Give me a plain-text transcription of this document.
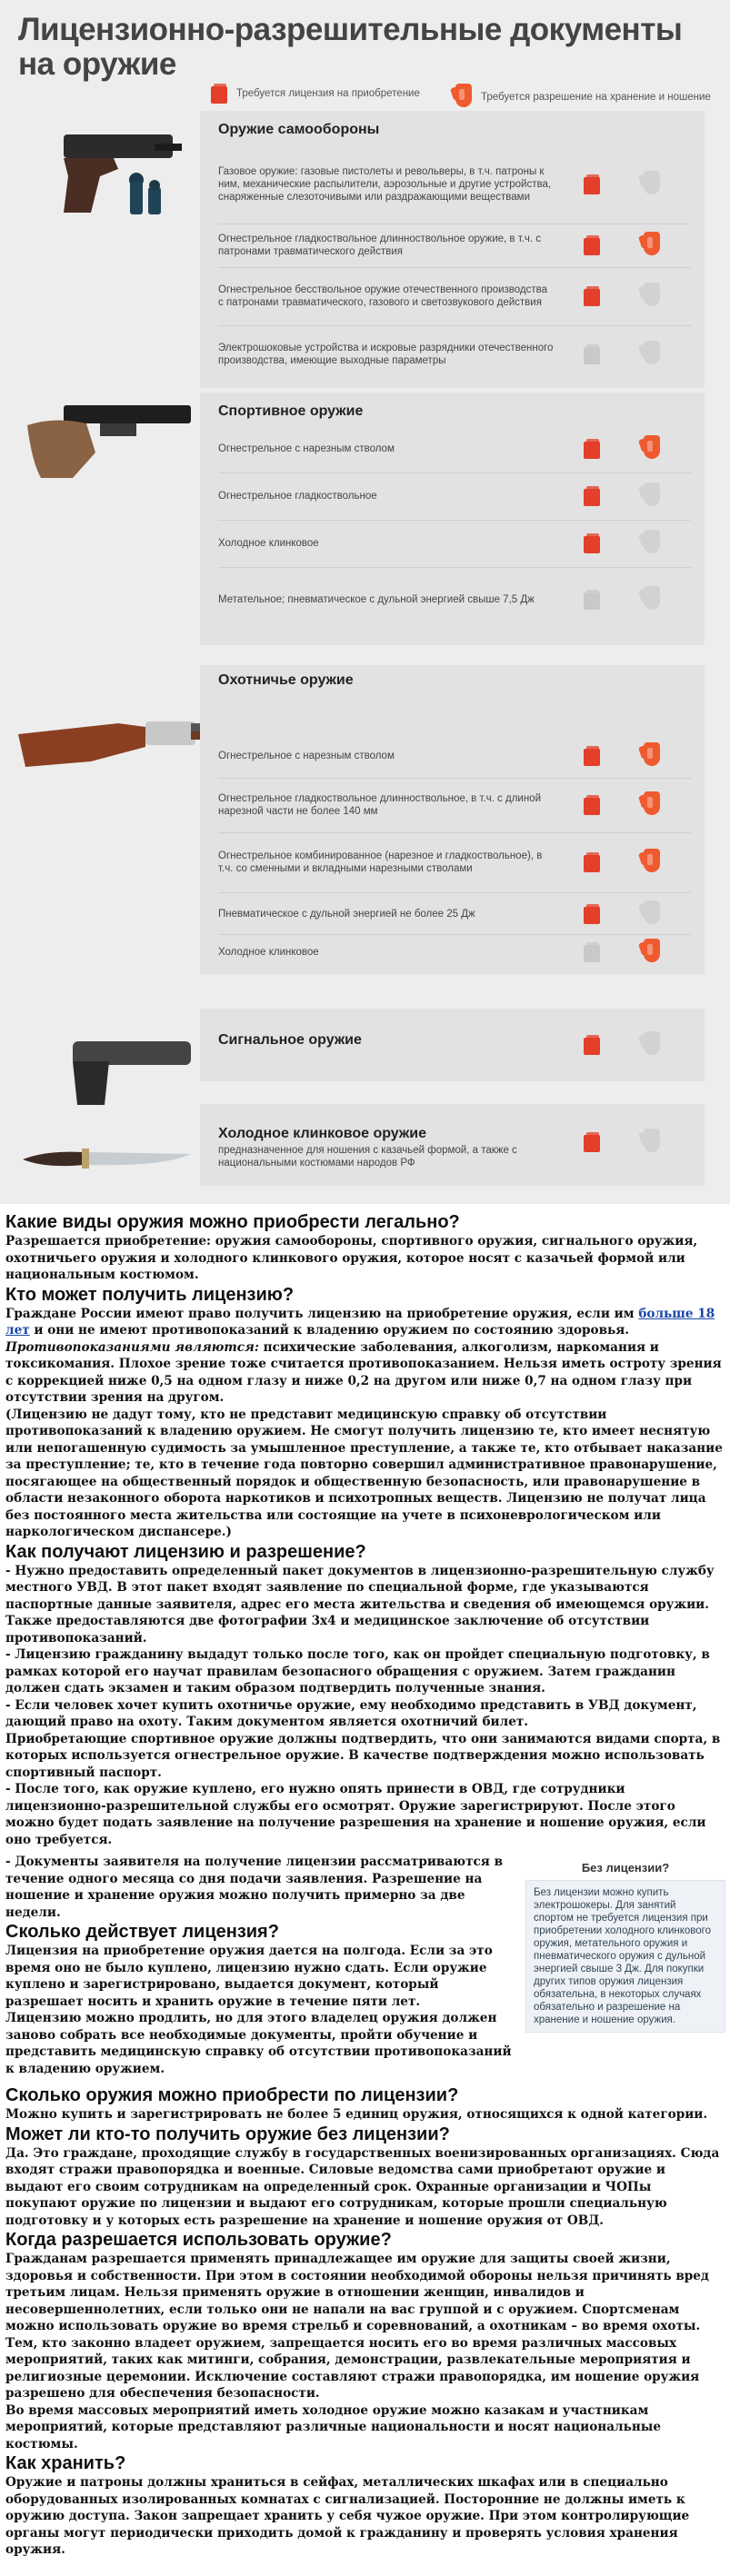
Лицензионно-разрешительные документы
на оружие
Требуется лицензия на приобретение	Требуется разрешение на хранение и ношение
Оружие самообороны
Газовое оружие: газовые пистолеты и револьверы, в т.ч. патроны к ним, механические распылители, аэрозольные и другие устройства, снаряженные слезоточивыми или раздражающими веществами
Огнестрельное гладкоствольное длинноствольное оружие, в т.ч. с патронами травматического действия
Огнестрельное бесствольное оружие отечественного производства с патронами травматического, газового и светозвукового действия
Электрошоковые устройства и искровые разрядники отечественного производства, имеющие выходные параметры
Спортивное оружие
Огнестрельное с нарезным стволом
Огнестрельное гладкоствольное
Холодное клинковое
Метательное; пневматическое с дульной энергией свыше 7,5 Дж
Охотничье оружие
Огнестрельное с нарезным стволом
Огнестрельное гладкоствольное длинноствольное, в т.ч. с длиной нарезной части не более 140 мм
Огнестрельное комбинированное (нарезное и гладкоствольное), в т.ч. со сменными и вкладными нарезными стволами
Пневматическое с дульной энергией не более 25 Дж
Холодное клинковое
Сигнальное оружие
Холодное клинковое оружие
предназначенное для ношения с казачьей формой, а также с национальными костюмами народов РФ
Какие виды оружия можно приобрести легально?

Разрешается приобретение: оружия самообороны, спортивного оружия, сигнального оружия, охотничьего оружия и холодного клинкового оружия, которое носят с казачьей формой или национальным костюмом.

Кто может получить лицензию?

Граждане России имеют право получить лицензию на приобретение оружия, если им больше 18 лет и они не имеют противопоказаний к владению оружием по состоянию здоровья. Противопоказаниями являются: психические заболевания, алкоголизм, наркомания и токсикомания. Плохое зрение тоже считается противопоказанием. Нельзя иметь остроту зрения с коррекцией ниже 0,5 на одном глазу и ниже 0,2 на другом или ниже 0,7 на одном глазу при отсутствии зрения на другом.

(Лицензию не дадут тому, кто не представит медицинскую справку об отсутствии противопоказаний к владению оружием. Не смогут получить лицензию те, кто имеет неснятую или непогашенную судимость за умышленное преступление, а также те, кто отбывает наказание за преступление; те, кто в течение года повторно совершил административное правонарушение, посягающее на общественный порядок и общественную безопасность, или правонарушение в области незаконного оборота наркотиков и психотропных веществ. Лицензию не получат лица без постоянного места жительства или состоящие на учете в психоневрологическом или наркологическом диспансере.)

Как получают лицензию и разрешение?

- Нужно предоставить определенный пакет документов в лицензионно-разрешительную службу местного УВД. В этот пакет входят заявление по специальной форме, где указываются паспортные данные заявителя, адрес его места жительства и сведения об имеющемся оружии. Также предоставляются две фотографии 3х4 и медицинское заключение об отсутствии противопоказаний.

- Лицензию гражданину выдадут только после того, как он пройдет специальную подготовку, в рамках которой его научат правилам безопасного обращения с оружием. Затем гражданин должен сдать экзамен и таким образом подтвердить полученные знания.

- Если человек хочет купить охотничье оружие, ему необходимо представить в УВД документ, дающий право на охоту. Таким документом является охотничий билет.

Приобретающие спортивное оружие должны подтвердить, что они занимаются видами спорта, в которых используется огнестрельное оружие. В качестве подтверждения можно использовать спортивный паспорт.

- После того, как оружие куплено, его нужно опять принести в ОВД, где сотрудники лицензионно-разрешительной службы его осмотрят. Оружие зарегистрируют. После этого можно будет подать заявление на получение разрешения на хранение и ношение оружия, если оно требуется.

- Документы заявителя на получение лицензии рассматриваются в течение одного месяца со дня подачи заявления. Разрешение на ношение и хранение оружия можно получить примерно за две недели.

Сколько действует лицензия?

Лицензия на приобретение оружия дается на полгода. Если за это время оно не было куплено, лицензию нужно сдать. Если оружие куплено и зарегистрировано, выдается документ, который разрешает носить и хранить оружие в течение пяти лет.

Лицензию можно продлить, но для этого владелец оружия должен заново собрать все необходимые документы, пройти обучение и представить медицинскую справку об отсутствии противопоказаний к владению оружием.

Сколько оружия можно приобрести по лицензии?

Можно купить и зарегистрировать не более 5 единиц оружия, относящихся к одной категории.

Может ли кто-то получить оружие без лицензии?

Да. Это граждане, проходящие службу в государственных военизированных организациях. Сюда входят стражи правопорядка и военные. Силовые ведомства сами приобретают оружие и выдают его своим сотрудникам на определенный срок. Охранные организации и ЧОПы покупают оружие по лицензии и выдают его сотрудникам, которые прошли специальную подготовку и у которых есть разрешение на хранение и ношение оружия от ОВД.

Когда разрешается использовать оружие?

Гражданам разрешается применять принадлежащее им оружие для защиты своей жизни, здоровья и собственности. При этом в состоянии необходимой обороны нельзя причинять вред третьим лицам. Нельзя применять оружие в отношении женщин, инвалидов и несовершеннолетних, если только они не напали на вас группой и с оружием. Спортсменам можно использовать оружие во время стрельб и соревнований, а охотникам – во время охоты.

Тем, кто законно владеет оружием, запрещается носить его во время различных массовых мероприятий, таких как митинги, собрания, демонстрации, развлекательные мероприятия и религиозные церемонии. Исключение составляют стражи правопорядка, им ношение оружия разрешено для обеспечения безопасности.

Во время массовых мероприятий иметь холодное оружие можно казакам и участникам мероприятий, которые представляют различные национальности и носят национальные костюмы.

Как хранить?

Оружие и патроны должны храниться в сейфах, металлических шкафах или в специально оборудованных изолированных комнатах с сигнализацией. Посторонние не должны иметь к оружию доступа. Закон запрещает хранить у себя чужое оружие. При этом контролирующие органы могут периодически приходить домой к гражданину и проверять условия хранения оружия.

Без лицензии?
Без лицензии можно купить электрошокеры. Для занятий спортом не требуется лицензия при приобретении холодного клинкового оружия, метательного оружия и пневматического оружия с дульной энергией свыше 3 Дж. Для покупки других типов оружия лицензия обязательна, в некоторых случаях обязательно и разрешение на хранение и ношение оружия.
